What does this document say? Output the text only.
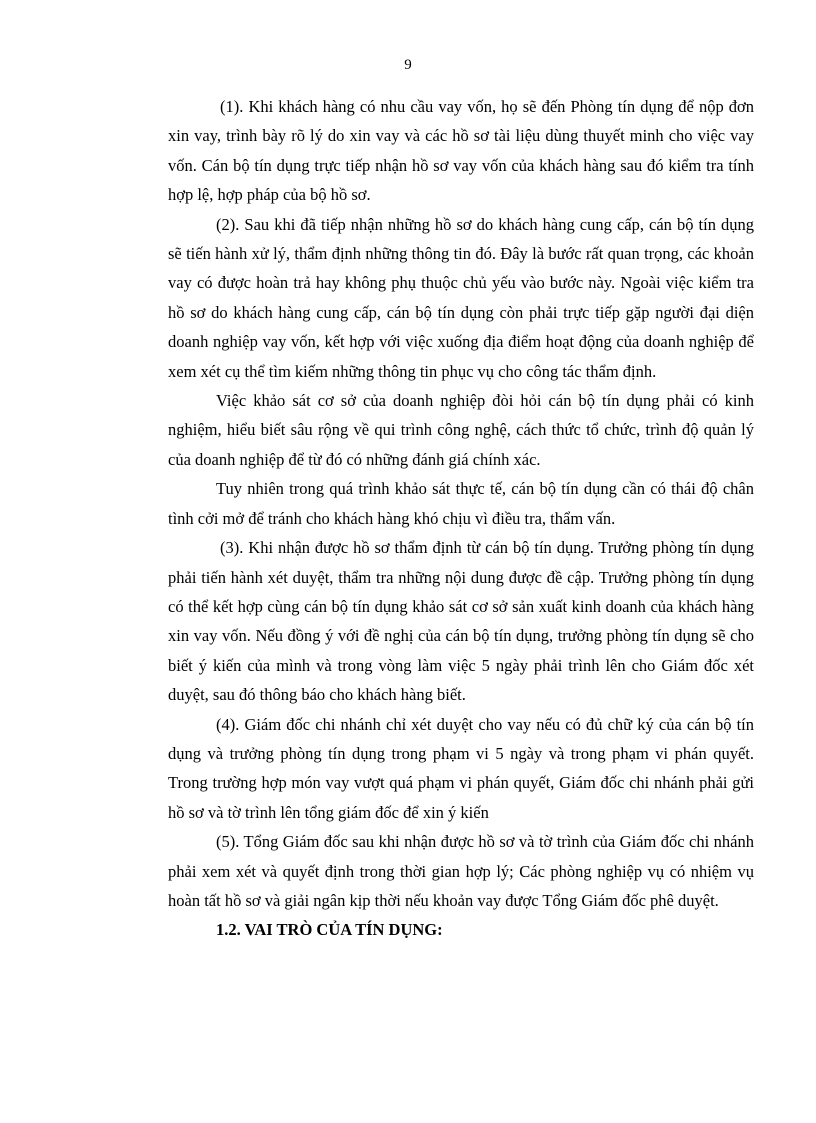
9

(1). Khi khách hàng có nhu cầu vay vốn, họ sẽ đến Phòng tín dụng để nộp đơn xin vay, trình bày rõ lý do xin vay và các hồ sơ tài liệu dùng thuyết minh cho việc vay vốn. Cán bộ tín dụng trực tiếp nhận hồ sơ vay vốn của khách hàng sau đó kiểm tra tính hợp lệ, hợp pháp của bộ hồ sơ.

(2). Sau khi đã tiếp nhận những hồ sơ do khách hàng cung cấp, cán bộ tín dụng sẽ tiến hành xử lý, thẩm định những thông tin đó. Đây là bước rất quan trọng, các khoản vay có được hoàn trả hay không phụ thuộc chủ yếu vào bước này. Ngoài việc kiểm tra hồ sơ do khách hàng cung cấp, cán bộ tín dụng còn phải trực tiếp gặp người đại diện doanh nghiệp vay vốn, kết hợp với việc xuống địa điểm hoạt động của doanh nghiệp để xem xét cụ thể tìm kiếm những thông tin phục vụ cho công tác thẩm định.

Việc khảo sát cơ sở của doanh nghiệp đòi hỏi cán bộ tín dụng phải có kinh nghiệm, hiểu biết sâu rộng về qui trình công nghệ, cách thức tổ chức, trình độ quản lý của doanh nghiệp để từ đó có những đánh giá chính xác.

Tuy nhiên trong quá trình khảo sát thực tế, cán bộ tín dụng cần có thái độ chân tình cởi mở để tránh cho khách hàng khó chịu vì điều tra, thẩm vấn.

(3). Khi nhận được hồ sơ thẩm định từ cán bộ tín dụng. Trưởng phòng tín dụng phải tiến hành xét duyệt, thẩm tra những nội dung được đề cập. Trưởng phòng tín dụng có thể kết hợp cùng cán bộ tín dụng khảo sát cơ sở sản xuất kinh doanh của khách hàng xin vay vốn. Nếu đồng ý với đề nghị của cán bộ tín dụng, trưởng phòng tín dụng sẽ cho biết ý kiến của mình và trong vòng làm việc 5 ngày phải trình lên cho Giám đốc xét duyệt, sau đó thông báo cho khách hàng biết.

(4). Giám đốc chi nhánh chỉ xét duyệt cho vay nếu có đủ chữ ký của cán bộ tín dụng và trưởng phòng tín dụng trong phạm vi 5 ngày và trong phạm vi phán quyết. Trong trường hợp món vay vượt quá phạm vi phán quyết, Giám đốc chi nhánh phải gửi hồ sơ và tờ trình lên tổng giám đốc để xin ý kiến

(5). Tổng Giám đốc sau khi nhận được hồ sơ và tờ trình của Giám đốc chi nhánh phải xem xét và quyết định trong thời gian hợp lý; Các phòng nghiệp vụ có nhiệm vụ hoàn tất hồ sơ và giải ngân kịp thời nếu khoản vay được Tổng Giám đốc phê duyệt.

1.2. VAI TRÒ CỦA TÍN DỤNG:
